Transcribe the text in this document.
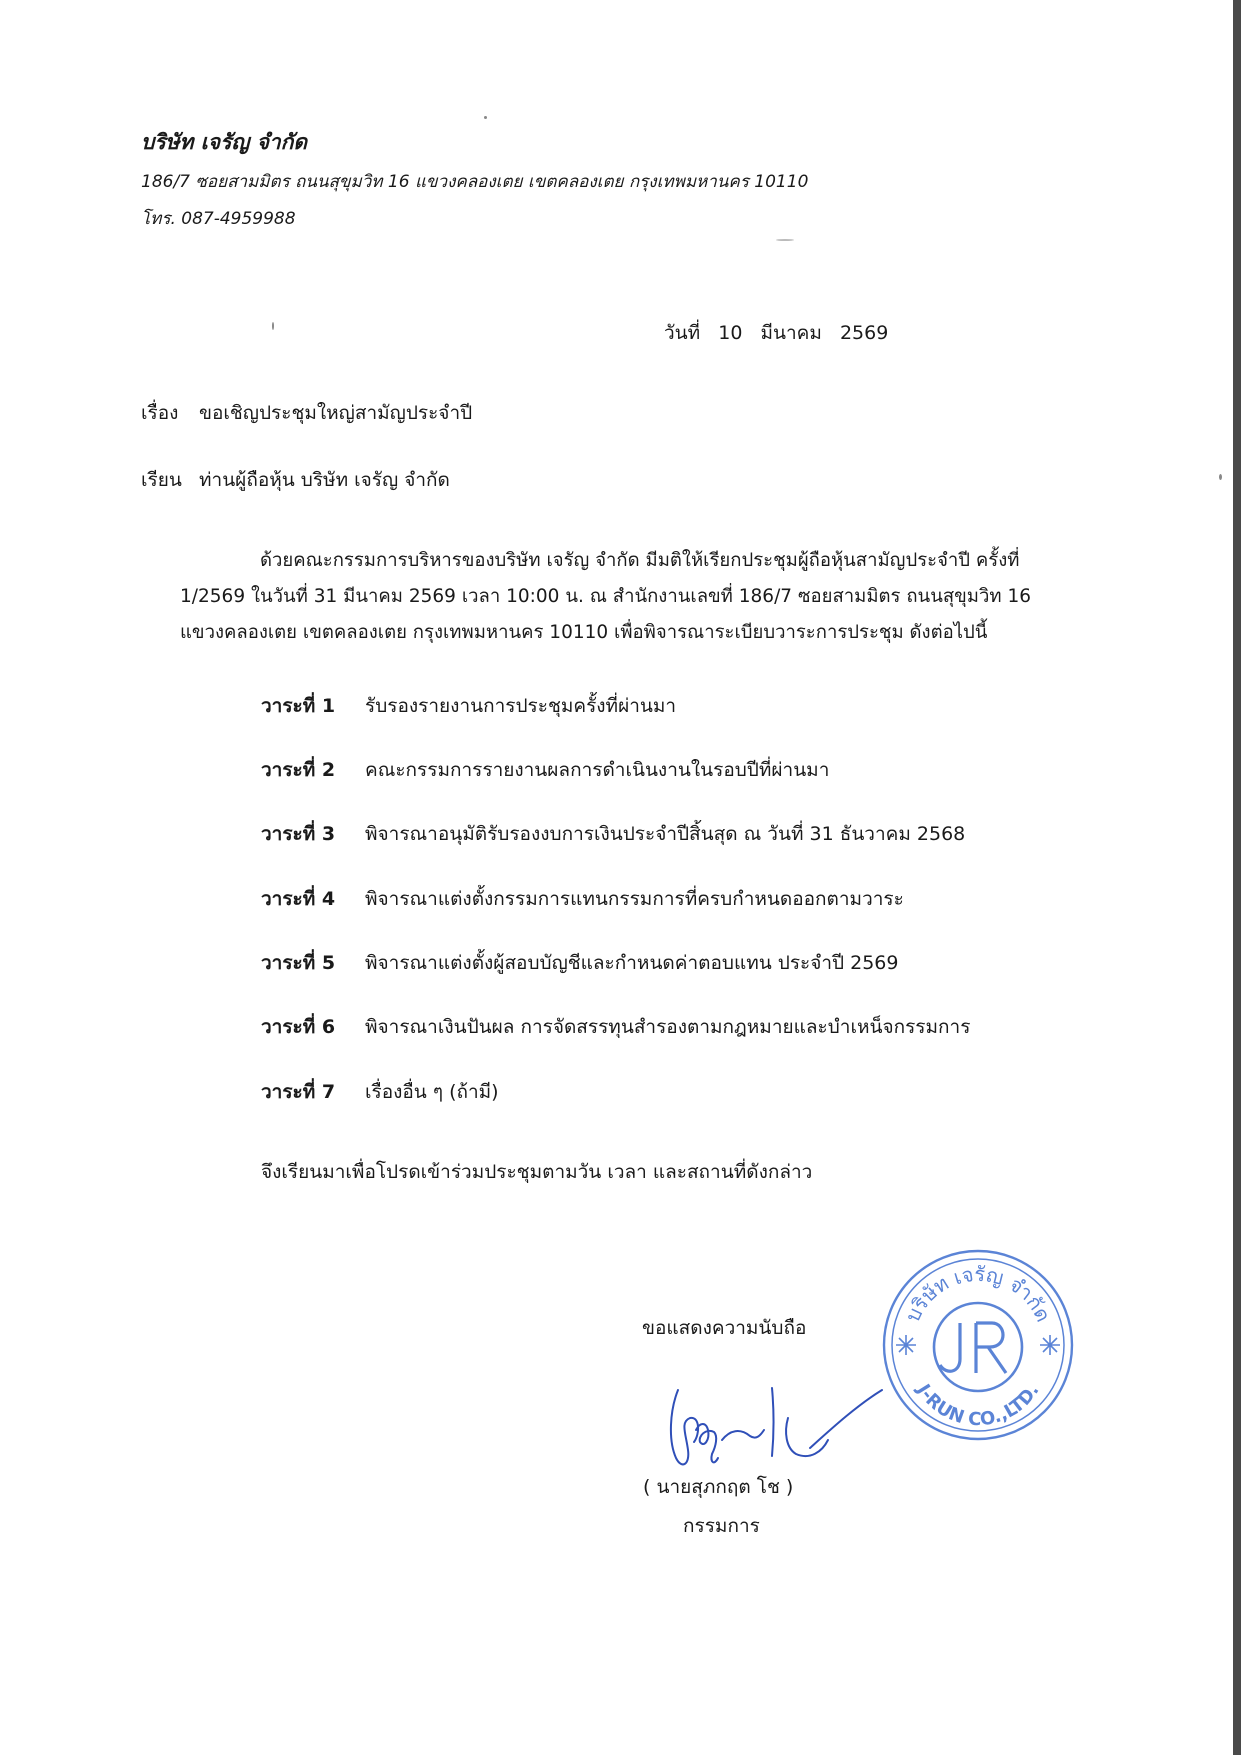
บริษัท เจรัญ จำกัด
186/7 ซอยสามมิตร ถนนสุขุมวิท 16 แขวงคลองเตย เขตคลองเตย กรุงเทพมหานคร 10110
โทร. 087-4959988
วันที่ 10 มีนาคม 2569
เรื่อง ขอเชิญประชุมใหญ่สามัญประจำปี
เรียน ท่านผู้ถือหุ้น บริษัท เจรัญ จำกัด
ด้วยคณะกรรมการบริหารของบริษัท เจรัญ จำกัด มีมติให้เรียกประชุมผู้ถือหุ้นสามัญประจำปี ครั้งที่
1/2569 ในวันที่ 31 มีนาคม 2569 เวลา 10:00 น. ณ สำนักงานเลขที่ 186/7 ซอยสามมิตร ถนนสุขุมวิท 16
แขวงคลองเตย เขตคลองเตย กรุงเทพมหานคร 10110 เพื่อพิจารณาระเบียบวาระการประชุม ดังต่อไปนี้
วาระที่ 1 รับรองรายงานการประชุมครั้งที่ผ่านมา
วาระที่ 2 คณะกรรมการรายงานผลการดำเนินงานในรอบปีที่ผ่านมา
วาระที่ 3 พิจารณาอนุมัติรับรองงบการเงินประจำปีสิ้นสุด ณ วันที่ 31 ธันวาคม 2568
วาระที่ 4 พิจารณาแต่งตั้งกรรมการแทนกรรมการที่ครบกำหนดออกตามวาระ
วาระที่ 5 พิจารณาแต่งตั้งผู้สอบบัญชีและกำหนดค่าตอบแทน ประจำปี 2569
วาระที่ 6 พิจารณาเงินปันผล การจัดสรรทุนสำรองตามกฎหมายและบำเหน็จกรรมการ
วาระที่ 7 เรื่องอื่น ๆ (ถ้ามี)
จึงเรียนมาเพื่อโปรดเข้าร่วมประชุมตามวัน เวลา และสถานที่ดังกล่าว
ขอแสดงความนับถือ
บริษัท เจรัญ จำกัด
J-RUN CO.,LTD.
( นายสุภกฤต โช )
กรรมการ
